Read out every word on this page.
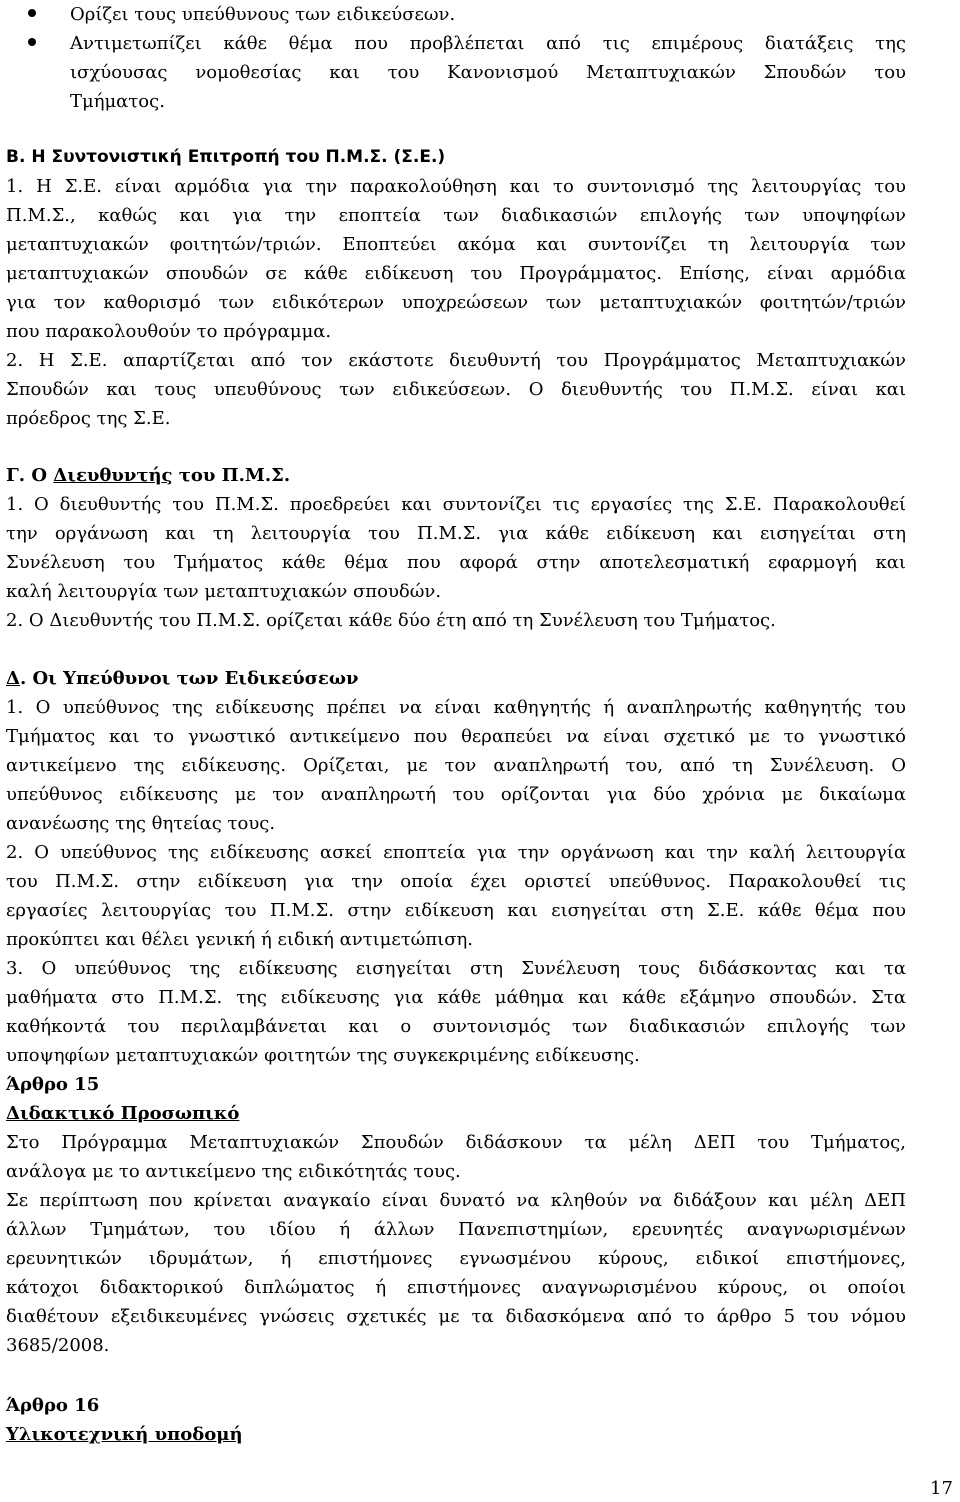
Ορίζει τους υπεύθυνους των ειδικεύσεων.

Αντιμετωπίζει κάθε θέμα που προβλέπεται από τις επιμέρους διατάξεις της

ισχύουσας νομοθεσίας και του Κανονισμού Μεταπτυχιακών Σπουδών του

Τμήματος.

Β. Η Συντονιστική Επιτροπή του Π.Μ.Σ. (Σ.Ε.)

1. Η Σ.Ε. είναι αρμόδια για την παρακολούθηση και το συντονισμό της λειτουργίας του

Π.Μ.Σ., καθώς και για την εποπτεία των διαδικασιών επιλογής των υποψηφίων

μεταπτυχιακών φοιτητών/τριών. Εποπτεύει ακόμα και συντονίζει τη λειτουργία των

μεταπτυχιακών σπουδών σε κάθε ειδίκευση του Προγράμματος. Επίσης, είναι αρμόδια

για τον καθορισμό των ειδικότερων υποχρεώσεων των μεταπτυχιακών φοιτητών/τριών

που παρακολουθούν το πρόγραμμα.

2. Η Σ.Ε. απαρτίζεται από τον εκάστοτε διευθυντή του Προγράμματος Μεταπτυχιακών

Σπουδών και τους υπευθύνους των ειδικεύσεων. Ο διευθυντής του Π.Μ.Σ. είναι και

πρόεδρος της Σ.Ε.

Γ. Ο Διευθυντής του Π.Μ.Σ.

1. Ο διευθυντής του Π.Μ.Σ. προεδρεύει και συντονίζει τις εργασίες της Σ.Ε. Παρακολουθεί

την οργάνωση και τη λειτουργία του Π.Μ.Σ. για κάθε ειδίκευση και εισηγείται στη

Συνέλευση του Τμήματος κάθε θέμα που αφορά στην αποτελεσματική εφαρμογή και

καλή λειτουργία των μεταπτυχιακών σπουδών.

2. Ο Διευθυντής του Π.Μ.Σ. ορίζεται κάθε δύο έτη από τη Συνέλευση του Τμήματος.

Δ. Οι Υπεύθυνοι των Ειδικεύσεων

1. Ο υπεύθυνος της ειδίκευσης πρέπει να είναι καθηγητής ή αναπληρωτής καθηγητής του

Τμήματος και το γνωστικό αντικείμενο που θεραπεύει να είναι σχετικό με το γνωστικό

αντικείμενο της ειδίκευσης. Ορίζεται, με τον αναπληρωτή του, από τη Συνέλευση. Ο

υπεύθυνος ειδίκευσης με τον αναπληρωτή του ορίζονται για δύο χρόνια με δικαίωμα

ανανέωσης της θητείας τους.

2. Ο υπεύθυνος της ειδίκευσης ασκεί εποπτεία για την οργάνωση και την καλή λειτουργία

του Π.Μ.Σ. στην ειδίκευση για την οποία έχει οριστεί υπεύθυνος. Παρακολουθεί τις

εργασίες λειτουργίας του Π.Μ.Σ. στην ειδίκευση και εισηγείται στη Σ.Ε. κάθε θέμα που

προκύπτει και θέλει γενική ή ειδική αντιμετώπιση.

3. Ο υπεύθυνος της ειδίκευσης εισηγείται στη Συνέλευση τους διδάσκοντας και τα

μαθήματα στο Π.Μ.Σ. της ειδίκευσης για κάθε μάθημα και κάθε εξάμηνο σπουδών. Στα

καθήκοντά του περιλαμβάνεται και ο συντονισμός των διαδικασιών επιλογής των

υποψηφίων μεταπτυχιακών φοιτητών της συγκεκριμένης ειδίκευσης.

Άρθρο 15

Διδακτικό Προσωπικό

Στο Πρόγραμμα Μεταπτυχιακών Σπουδών διδάσκουν τα μέλη ΔΕΠ του Τμήματος,

ανάλογα με το αντικείμενο της ειδικότητάς τους.

Σε περίπτωση που κρίνεται αναγκαίο είναι δυνατό να κληθούν να διδάξουν και μέλη ΔΕΠ

άλλων Τμημάτων, του ιδίου ή άλλων Πανεπιστημίων, ερευνητές αναγνωρισμένων

ερευνητικών ιδρυμάτων, ή επιστήμονες εγνωσμένου κύρους, ειδικοί επιστήμονες,

κάτοχοι διδακτορικού διπλώματος ή επιστήμονες αναγνωρισμένου κύρους, οι οποίοι

διαθέτουν εξειδικευμένες γνώσεις σχετικές με τα διδασκόμενα από το άρθρο 5 του νόμου

3685/2008.

Άρθρο 16

Υλικοτεχνική υποδομή

17
